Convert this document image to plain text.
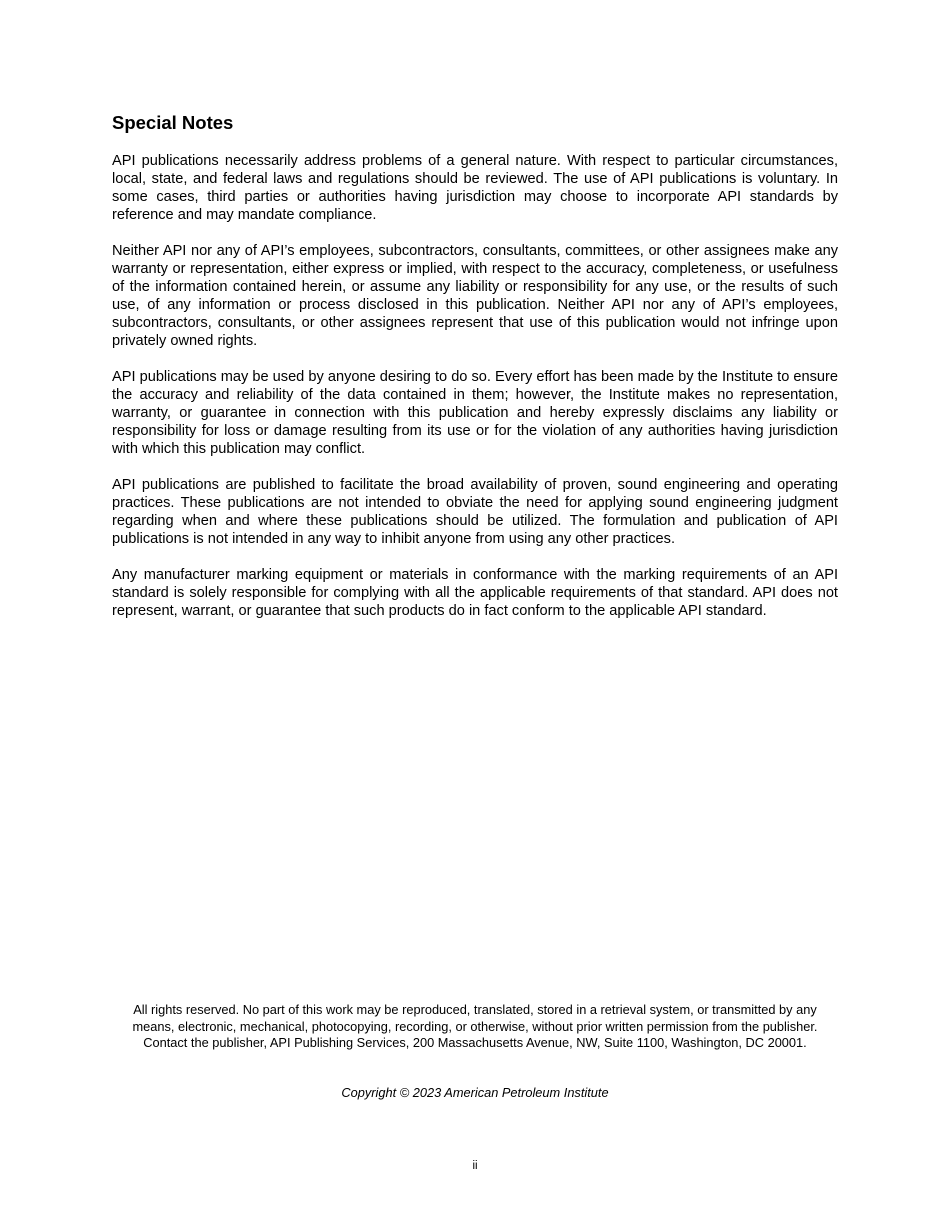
Special Notes

API publications necessarily address problems of a general nature. With respect to particular circumstances, local, state, and federal laws and regulations should be reviewed. The use of API publications is voluntary. In some cases, third parties or authorities having jurisdiction may choose to incorporate API standards by reference and may mandate compliance.

Neither API nor any of API’s employees, subcontractors, consultants, committees, or other assignees make any warranty or representation, either express or implied, with respect to the accuracy, completeness, or usefulness of the information contained herein, or assume any liability or responsibility for any use, or the results of such use, of any information or process disclosed in this publication. Neither API nor any of API’s employees, subcontractors, consultants, or other assignees represent that use of this publication would not infringe upon privately owned rights.

API publications may be used by anyone desiring to do so. Every effort has been made by the Institute to ensure the accuracy and reliability of the data contained in them; however, the Institute makes no representation, warranty, or guarantee in connection with this publication and hereby expressly disclaims any liability or responsibility for loss or damage resulting from its use or for the violation of any authorities having jurisdiction with which this publication may conflict.

API publications are published to facilitate the broad availability of proven, sound engineering and operating practices. These publications are not intended to obviate the need for applying sound engineering judgment regarding when and where these publications should be utilized. The formulation and publication of API publications is not intended in any way to inhibit anyone from using any other practices.

Any manufacturer marking equipment or materials in conformance with the marking requirements of an API standard is solely responsible for complying with all the applicable requirements of that standard. API does not represent, warrant, or guarantee that such products do in fact conform to the applicable API standard.

All rights reserved. No part of this work may be reproduced, translated, stored in a retrieval system, or transmitted by any means, electronic, mechanical, photocopying, recording, or otherwise, without prior written permission from the publisher. Contact the publisher, API Publishing Services, 200 Massachusetts Avenue, NW, Suite 1100, Washington, DC 20001.

Copyright © 2023 American Petroleum Institute

ii
